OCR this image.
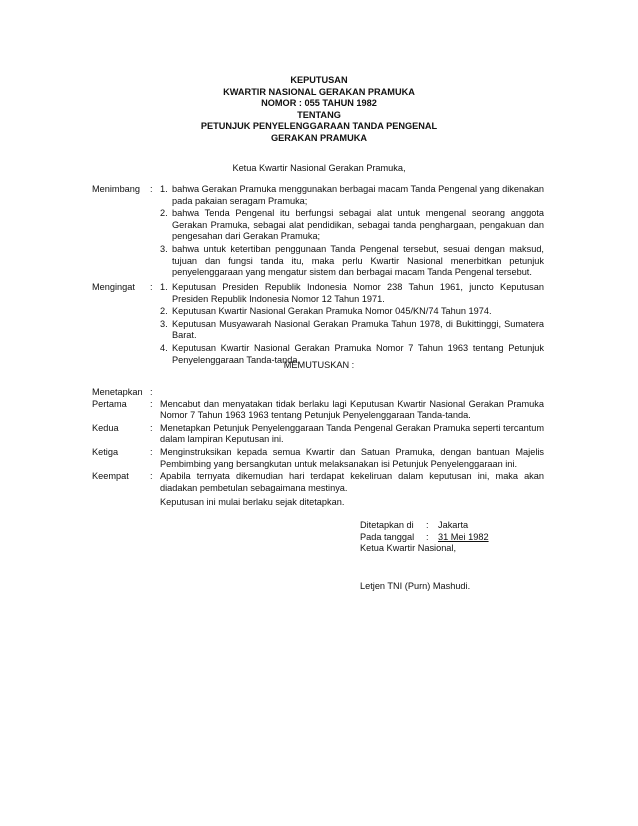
KEPUTUSAN
KWARTIR NASIONAL GERAKAN PRAMUKA
NOMOR : 055 TAHUN 1982
TENTANG
PETUNJUK PENYELENGGARAAN TANDA PENGENAL
GERAKAN PRAMUKA
Ketua Kwartir Nasional Gerakan Pramuka,
Menimbang : 1. bahwa Gerakan Pramuka menggunakan berbagai macam Tanda Pengenal yang dikenakan pada pakaian seragam Pramuka;
2. bahwa Tenda Pengenal itu berfungsi sebagai alat untuk mengenal seorang anggota Gerakan Pramuka, sebagai alat pendidikan, sebagai tanda penghargaan, pengakuan dan pengesahan dari Gerakan Pramuka;
3. bahwa untuk ketertiban penggunaan Tanda Pengenal tersebut, sesuai dengan maksud, tujuan dan fungsi tanda itu, maka perlu Kwartir Nasional menerbitkan petunjuk penyelenggaraan yang mengatur sistem dan berbagai macam Tanda Pengenal tersebut.
Mengingat : 1. Keputusan Presiden Republik Indonesia Nomor 238 Tahun 1961, juncto Keputusan Presiden Republik Indonesia Nomor 12 Tahun 1971.
2. Keputusan Kwartir Nasional Gerakan Pramuka Nomor 045/KN/74 Tahun 1974.
3. Keputusan Musyawarah Nasional Gerakan Pramuka Tahun 1978, di Bukittinggi, Sumatera Barat.
4. Keputusan Kwartir Nasional Gerakan Pramuka Nomor 7 Tahun 1963 tentang Petunjuk Penyelenggaraan Tanda-tanda.
MEMUTUSKAN :
Menetapkan :
Pertama	: Mencabut dan menyatakan tidak berlaku lagi Keputusan Kwartir Nasional Gerakan Pramuka Nomor 7 Tahun 1963 1963 tentang Petunjuk Penyelenggaraan Tanda-tanda.
Kedua	: Menetapkan Petunjuk Penyelenggaraan Tanda Pengenal Gerakan Pramuka seperti tercantum dalam lampiran Keputusan ini.
Ketiga	: Menginstruksikan kepada semua Kwartir dan Satuan Pramuka, dengan bantuan Majelis Pembimbing yang bersangkutan untuk melaksanakan isi Petunjuk Penyelenggaraan ini.
Keempat : Apabila ternyata dikemudian hari terdapat kekeliruan dalam keputusan ini, maka akan diadakan pembetulan sebagaimana mestinya.
Keputusan ini mulai berlaku sejak ditetapkan.
Ditetapkan di : Jakarta
Pada tanggal : 31 Mei 1982
Ketua Kwartir Nasional,
Letjen TNI (Purn) Mashudi.
